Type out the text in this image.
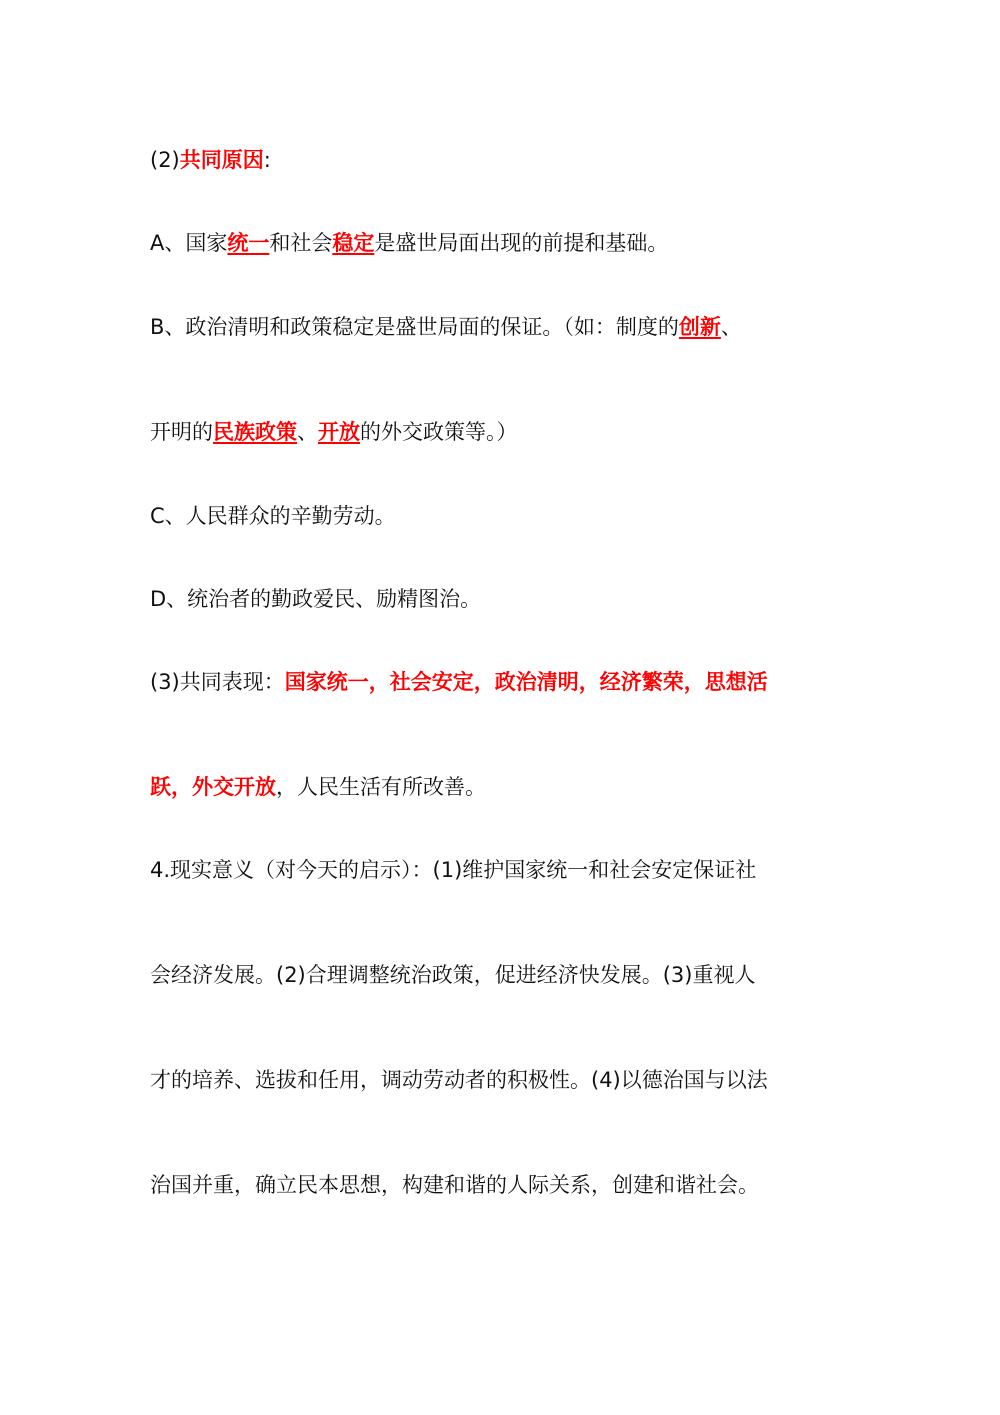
(2)共同原因:
A、国家统一和社会稳定是盛世局面出现的前提和基础。
B、政治清明和政策稳定是盛世局面的保证。（如：制度的创新、
开明的民族政策、开放的外交政策等。）
C、人民群众的辛勤劳动。
D、统治者的勤政爱民、励精图治。
(3)共同表现：国家统一，社会安定，政治清明，经济繁荣，思想活
跃，外交开放，人民生活有所改善。
4.现实意义（对今天的启示）：(1)维护国家统一和社会安定保证社
会经济发展。(2)合理调整统治政策，促进经济快发展。(3)重视人
才的培养、选拔和任用，调动劳动者的积极性。(4)以德治国与以法
治国并重，确立民本思想，构建和谐的人际关系，创建和谐社会。
